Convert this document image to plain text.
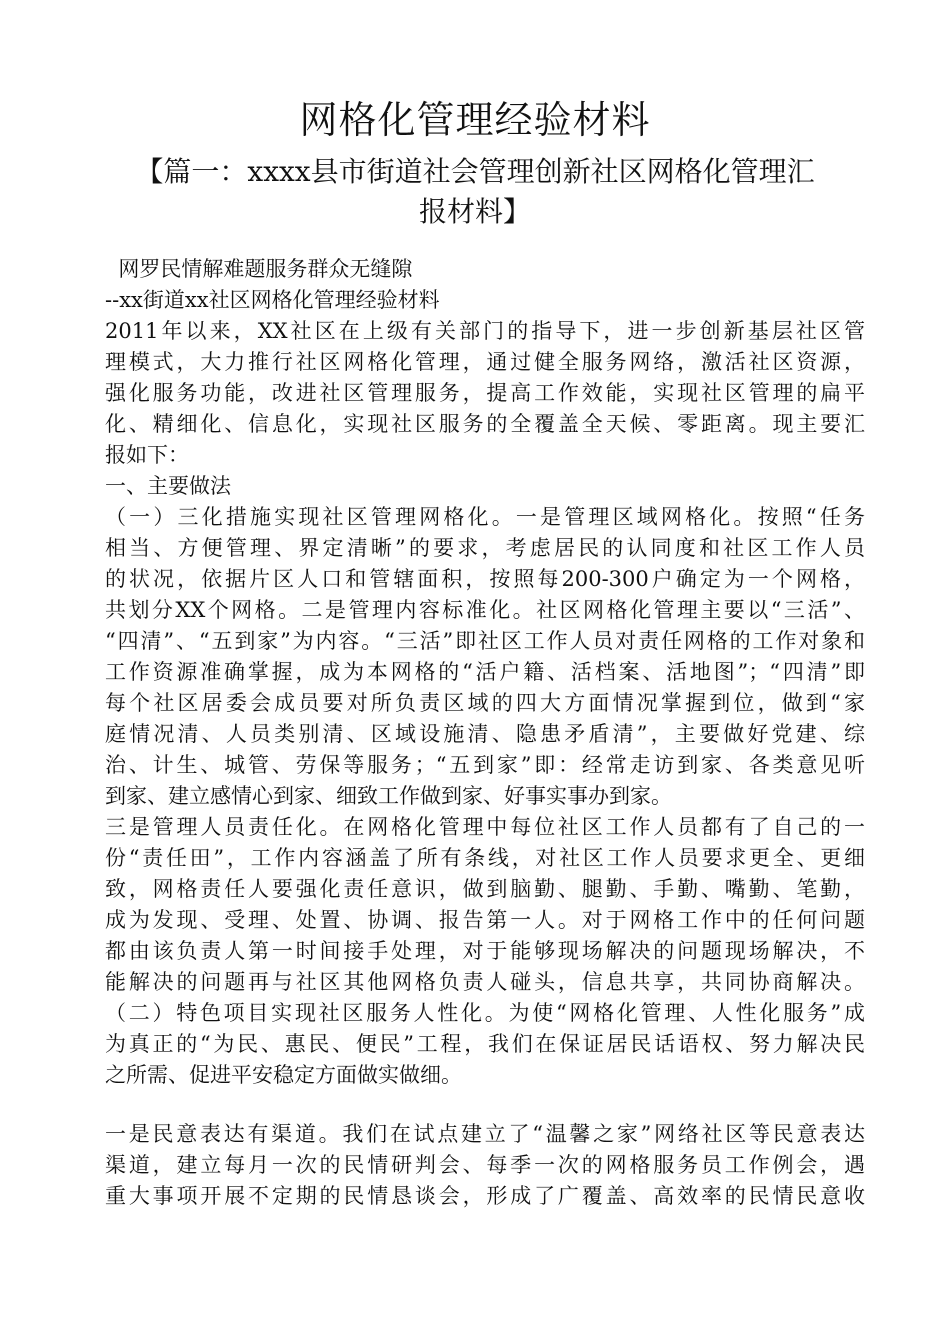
网格化管理经验材料
【篇一：xxxx县市街道社会管理创新社区网格化管理汇
报材料】
网罗民情解难题服务群众无缝隙
--xx街道xx社区网格化管理经验材料
2011年以来，XX社区在上级有关部门的指导下，进一步创新基层社区管
理模式，大力推行社区网格化管理，通过健全服务网络，激活社区资源，
强化服务功能，改进社区管理服务，提高工作效能，实现社区管理的扁平
化、精细化、信息化，实现社区服务的全覆盖全天候、零距离。现主要汇
报如下：
一、主要做法
（一）三化措施实现社区管理网格化。一是管理区域网格化。按照“任务
相当、方便管理、界定清晰”的要求，考虑居民的认同度和社区工作人员
的状况，依据片区人口和管辖面积，按照每200-300户确定为一个网格，
共划分XX个网格。二是管理内容标准化。社区网格化管理主要以“三活”、
“四清”、“五到家”为内容。“三活”即社区工作人员对责任网格的工作对象和
工作资源准确掌握，成为本网格的“活户籍、活档案、活地图”；“四清”即
每个社区居委会成员要对所负责区域的四大方面情况掌握到位，做到“家
庭情况清、人员类别清、区域设施清、隐患矛盾清”，主要做好党建、综
治、计生、城管、劳保等服务；“五到家”即：经常走访到家、各类意见听
到家、建立感情心到家、细致工作做到家、好事实事办到家。
三是管理人员责任化。在网格化管理中每位社区工作人员都有了自己的一
份“责任田”，工作内容涵盖了所有条线，对社区工作人员要求更全、更细
致，网格责任人要强化责任意识，做到脑勤、腿勤、手勤、嘴勤、笔勤，
成为发现、受理、处置、协调、报告第一人。对于网格工作中的任何问题
都由该负责人第一时间接手处理，对于能够现场解决的问题现场解决，不
能解决的问题再与社区其他网格负责人碰头，信息共享，共同协商解决。
（二）特色项目实现社区服务人性化。为使“网格化管理、人性化服务”成
为真正的“为民、惠民、便民”工程，我们在保证居民话语权、努力解决民
之所需、促进平安稳定方面做实做细。
一是民意表达有渠道。我们在试点建立了“温馨之家”网络社区等民意表达
渠道，建立每月一次的民情研判会、每季一次的网格服务员工作例会，遇
重大事项开展不定期的民情恳谈会，形成了广覆盖、高效率的民情民意收
